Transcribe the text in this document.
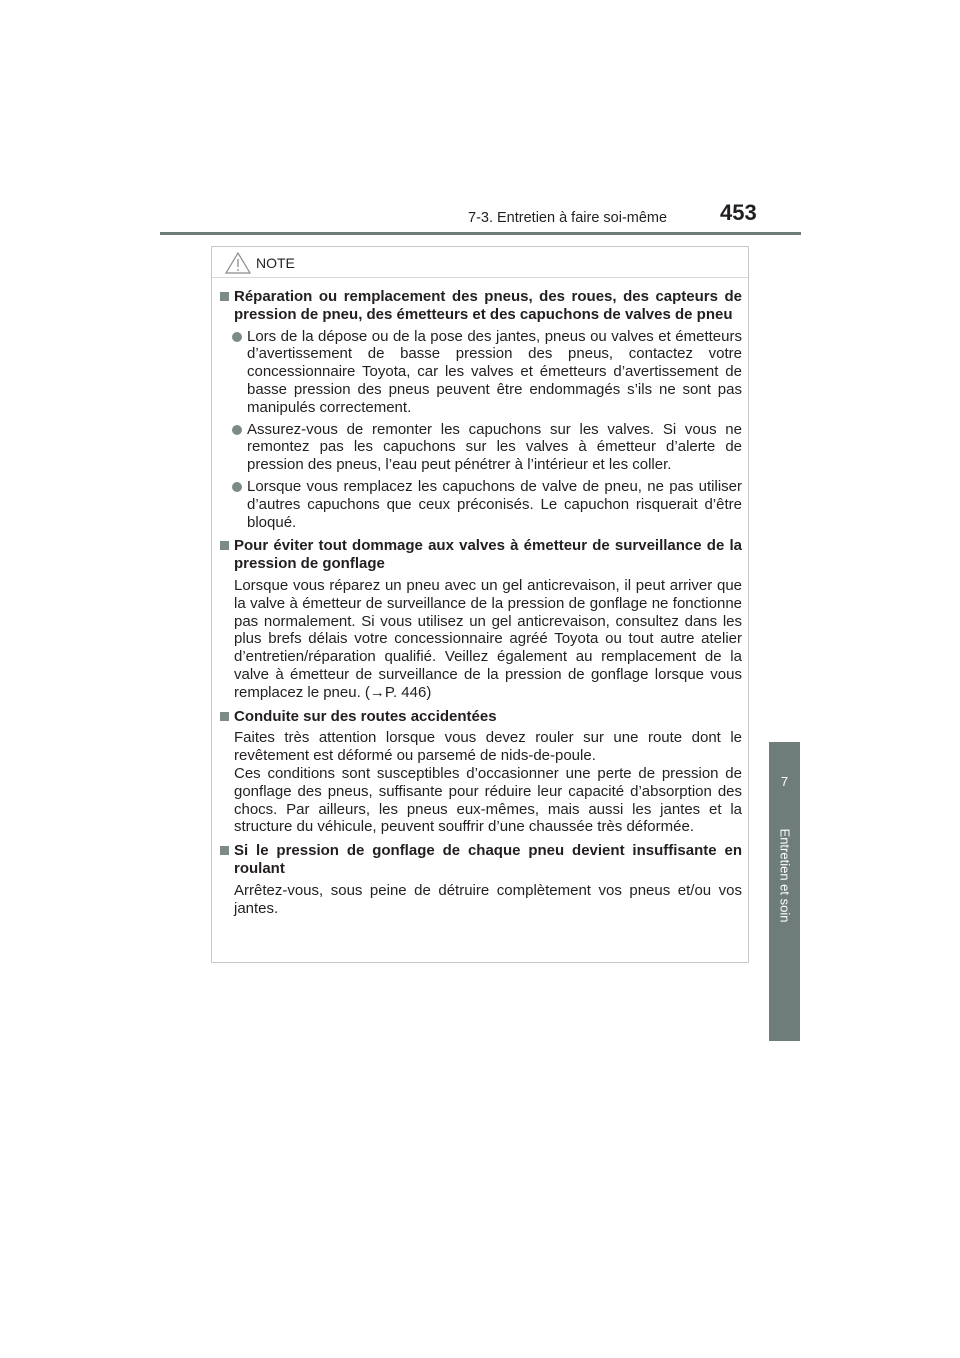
7-3. Entretien à faire soi-même 453
7
Entretien et soin
NOTE
Réparation ou remplacement des pneus, des roues, des capteurs de pression de pneu, des émetteurs et des capuchons de valves de pneu
Lors de la dépose ou de la pose des jantes, pneus ou valves et émetteurs d’avertissement de basse pression des pneus, contactez votre concessionnaire Toyota, car les valves et émetteurs d’avertissement de basse pression des pneus peuvent être endommagés s’ils ne sont pas manipulés correctement.
Assurez-vous de remonter les capuchons sur les valves. Si vous ne remontez pas les capuchons sur les valves à émetteur d’alerte de pression des pneus, l’eau peut pénétrer à l’intérieur et les coller.
Lorsque vous remplacez les capuchons de valve de pneu, ne pas utiliser d’autres capuchons que ceux préconisés. Le capuchon risquerait d’être bloqué.
Pour éviter tout dommage aux valves à émetteur de surveillance de la pression de gonflage
Lorsque vous réparez un pneu avec un gel anticrevaison, il peut arriver que la valve à émetteur de surveillance de la pression de gonflage ne fonctionne pas normalement. Si vous utilisez un gel anticrevaison, consultez dans les plus brefs délais votre concessionnaire agréé Toyota ou tout autre atelier d’entretien/réparation qualifié. Veillez également au remplacement de la valve à émetteur de surveillance de la pression de gonflage lorsque vous remplacez le pneu. (→P. 446)
Conduite sur des routes accidentées
Faites très attention lorsque vous devez rouler sur une route dont le revêtement est déformé ou parsemé de nids-de-poule.
Ces conditions sont susceptibles d’occasionner une perte de pression de gonflage des pneus, suffisante pour réduire leur capacité d’absorption des chocs. Par ailleurs, les pneus eux-mêmes, mais aussi les jantes et la structure du véhicule, peuvent souffrir d’une chaussée très déformée.
Si le pression de gonflage de chaque pneu devient insuffisante en roulant
Arrêtez-vous, sous peine de détruire complètement vos pneus et/ou vos jantes.
